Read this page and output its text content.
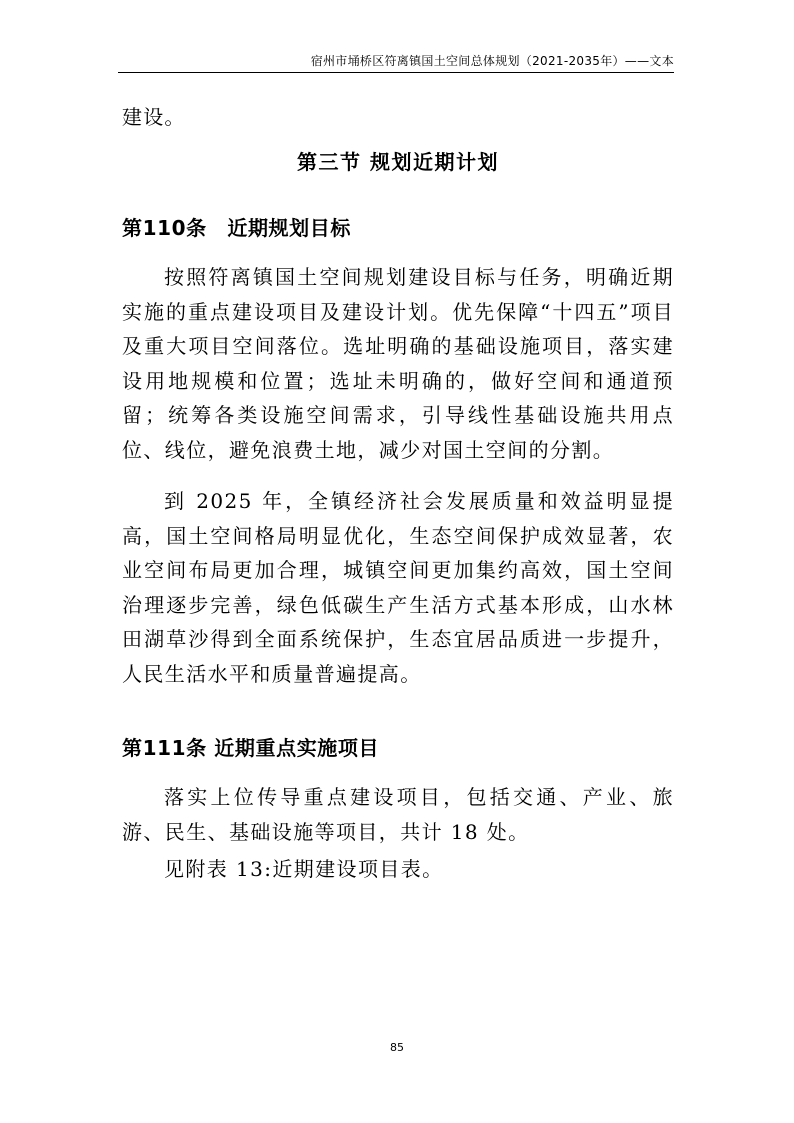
宿州市埇桥区符离镇国土空间总体规划（2021-2035年）——文本

建设。

第三节 规划近期计划
第110条　近期规划目标

按照符离镇国土空间规划建设目标与任务，明确近期实施的重点建设项目及建设计划。优先保障“十四五”项目及重大项目空间落位。选址明确的基础设施项目，落实建设用地规模和位置；选址未明确的，做好空间和通道预留；统筹各类设施空间需求，引导线性基础设施共用点位、线位，避免浪费土地，减少对国土空间的分割。

到 2025 年，全镇经济社会发展质量和效益明显提高，国土空间格局明显优化，生态空间保护成效显著，农业空间布局更加合理，城镇空间更加集约高效，国土空间治理逐步完善，绿色低碳生产生活方式基本形成，山水林田湖草沙得到全面系统保护，生态宜居品质进一步提升，人民生活水平和质量普遍提高。

第111条 近期重点实施项目

落实上位传导重点建设项目，包括交通、产业、旅游、民生、基础设施等项目，共计 18 处。

见附表 13:近期建设项目表。

85
